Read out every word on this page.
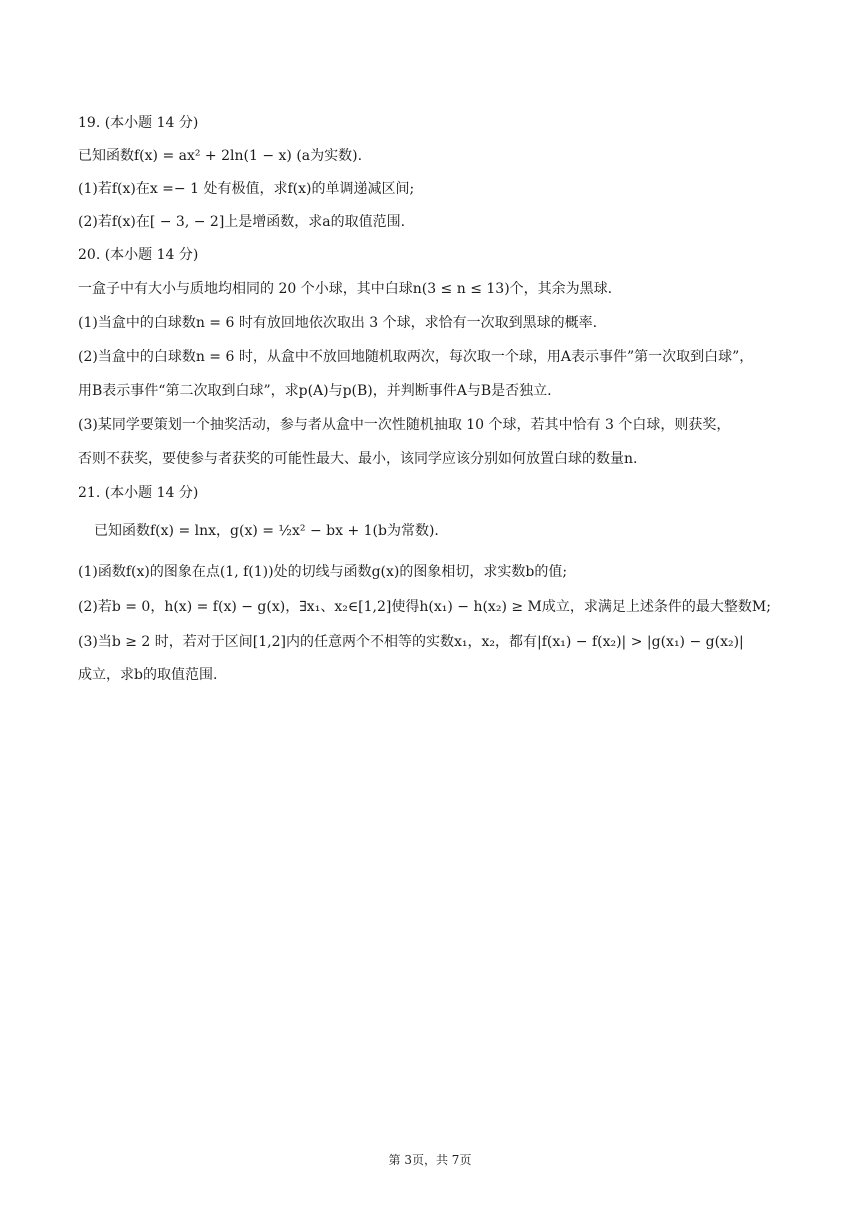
19. (本小题 14 分)
已知函数f(x) = ax² + 2ln(1 − x) (a为实数).
(1)若f(x)在x =− 1 处有极值，求f(x)的单调递减区间;
(2)若f(x)在[ − 3, − 2]上是增函数，求a的取值范围.
20. (本小题 14 分)
一盒子中有大小与质地均相同的 20 个小球，其中白球n(3 ≤ n ≤ 13)个，其余为黑球.
(1)当盒中的白球数n = 6 时有放回地依次取出 3 个球，求恰有一次取到黑球的概率.
(2)当盒中的白球数n = 6 时，从盒中不放回地随机取两次，每次取一个球，用A表示事件”第一次取到白球”，
用B表示事件“第二次取到白球”，求p(A)与p(B)，并判断事件A与B是否独立.
(3)某同学要策划一个抽奖活动，参与者从盒中一次性随机抽取 10 个球，若其中恰有 3 个白球，则获奖，
否则不获奖，要使参与者获奖的可能性最大、最小，该同学应该分别如何放置白球的数量n.
21. (本小题 14 分)
已知函数f(x) = lnx，g(x) = ½x² − bx + 1(b为常数).
(1)函数f(x)的图象在点(1, f(1))处的切线与函数g(x)的图象相切，求实数b的值;
(2)若b = 0，h(x) = f(x) − g(x)，∃x₁、x₂∈[1,2]使得h(x₁) − h(x₂) ≥ M成立，求满足上述条件的最大整数M;
(3)当b ≥ 2 时，若对于区间[1,2]内的任意两个不相等的实数x₁，x₂，都有|f(x₁) − f(x₂)| > |g(x₁) − g(x₂)|
成立，求b的取值范围.
第 3页，共 7页
